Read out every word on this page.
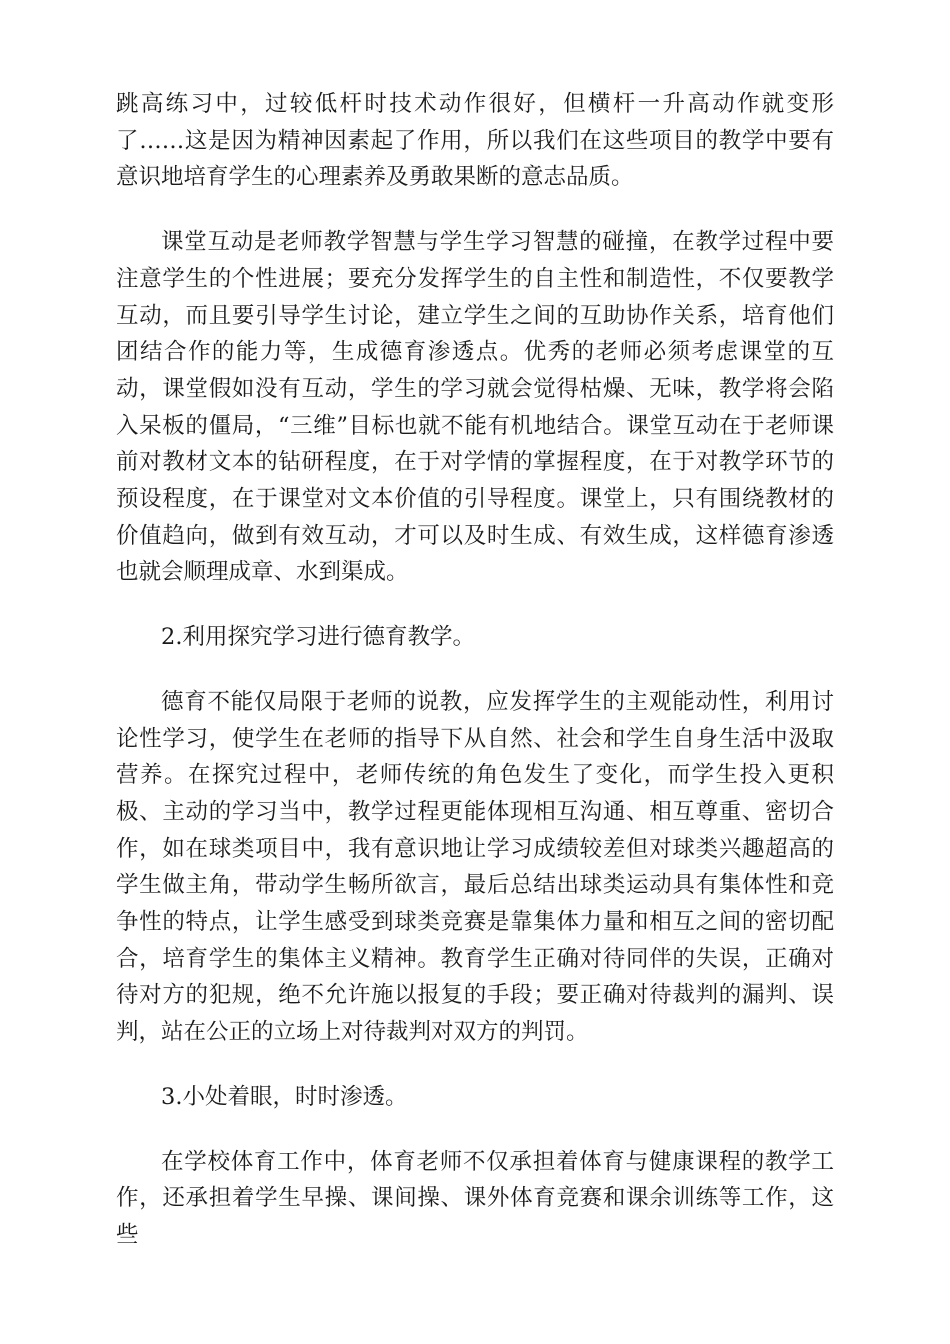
跳高练习中，过较低杆时技术动作很好，但横杆一升高动作就变形了……这是因为精神因素起了作用，所以我们在这些项目的教学中要有意识地培育学生的心理素养及勇敢果断的意志品质。

课堂互动是老师教学智慧与学生学习智慧的碰撞，在教学过程中要注意学生的个性进展；要充分发挥学生的自主性和制造性，不仅要教学互动，而且要引导学生讨论，建立学生之间的互助协作关系，培育他们团结合作的能力等，生成德育渗透点。优秀的老师必须考虑课堂的互动，课堂假如没有互动，学生的学习就会觉得枯燥、无味，教学将会陷入呆板的僵局，“三维”目标也就不能有机地结合。课堂互动在于老师课前对教材文本的钻研程度，在于对学情的掌握程度，在于对教学环节的预设程度，在于课堂对文本价值的引导程度。课堂上，只有围绕教材的价值趋向，做到有效互动，才可以及时生成、有效生成，这样德育渗透也就会顺理成章、水到渠成。

2.利用探究学习进行德育教学。

德育不能仅局限于老师的说教，应发挥学生的主观能动性，利用讨论性学习，使学生在老师的指导下从自然、社会和学生自身生活中汲取营养。在探究过程中，老师传统的角色发生了变化，而学生投入更积极、主动的学习当中，教学过程更能体现相互沟通、相互尊重、密切合作，如在球类项目中，我有意识地让学习成绩较差但对球类兴趣超高的学生做主角，带动学生畅所欲言，最后总结出球类运动具有集体性和竞争性的特点，让学生感受到球类竞赛是靠集体力量和相互之间的密切配合，培育学生的集体主义精神。教育学生正确对待同伴的失误，正确对待对方的犯规，绝不允许施以报复的手段；要正确对待裁判的漏判、误判，站在公正的立场上对待裁判对双方的判罚。

3.小处着眼，时时渗透。

在学校体育工作中，体育老师不仅承担着体育与健康课程的教学工作，还承担着学生早操、课间操、课外体育竞赛和课余训练等工作，这些
